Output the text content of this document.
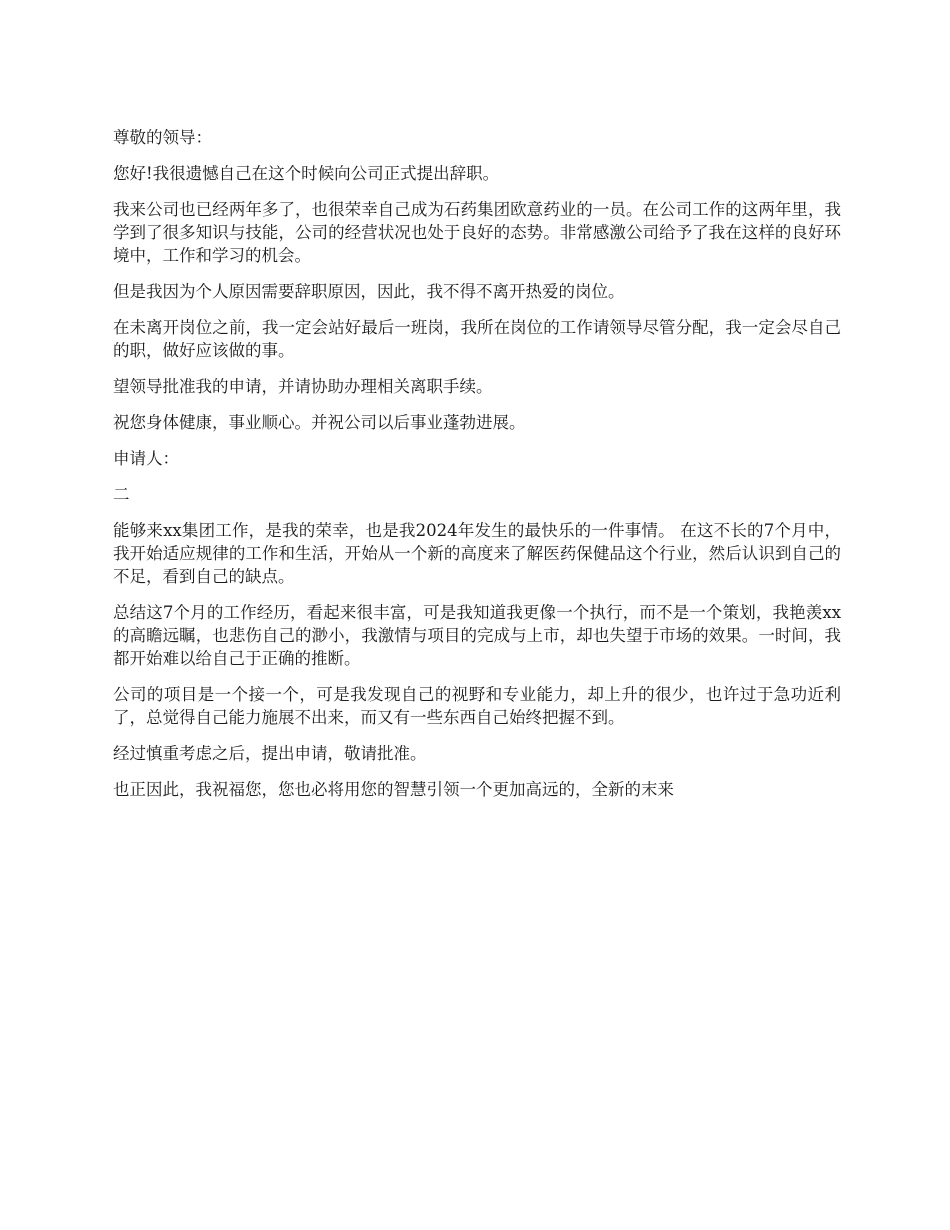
尊敬的领导：

您好!我很遗憾自己在这个时候向公司正式提出辞职。

我来公司也已经两年多了，也很荣幸自己成为石药集团欧意药业的一员。在公司工作的这两年里，我学到了很多知识与技能，公司的经营状况也处于良好的态势。非常感激公司给予了我在这样的良好环境中，工作和学习的机会。

但是我因为个人原因需要辞职原因，因此，我不得不离开热爱的岗位。

在未离开岗位之前，我一定会站好最后一班岗，我所在岗位的工作请领导尽管分配，我一定会尽自己的职，做好应该做的事。

望领导批准我的申请，并请协助办理相关离职手续。

祝您身体健康，事业顺心。并祝公司以后事业蓬勃进展。

申请人：

二

能够来xx集团工作，是我的荣幸，也是我2024年发生的最快乐的一件事情。 在这不长的7个月中，我开始适应规律的工作和生活，开始从一个新的高度来了解医药保健品这个行业，然后认识到自己的不足，看到自己的缺点。

总结这7个月的工作经历，看起来很丰富，可是我知道我更像一个执行，而不是一个策划，我艳羡xx的高瞻远瞩，也悲伤自己的渺小，我激情与项目的完成与上市，却也失望于市场的效果。一时间，我都开始难以给自己于正确的推断。

公司的项目是一个接一个，可是我发现自己的视野和专业能力，却上升的很少，也许过于急功近利了，总觉得自己能力施展不出来，而又有一些东西自己始终把握不到。

经过慎重考虑之后，提出申请，敬请批准。

也正因此，我祝福您，您也必将用您的智慧引领一个更加高远的，全新的末来
